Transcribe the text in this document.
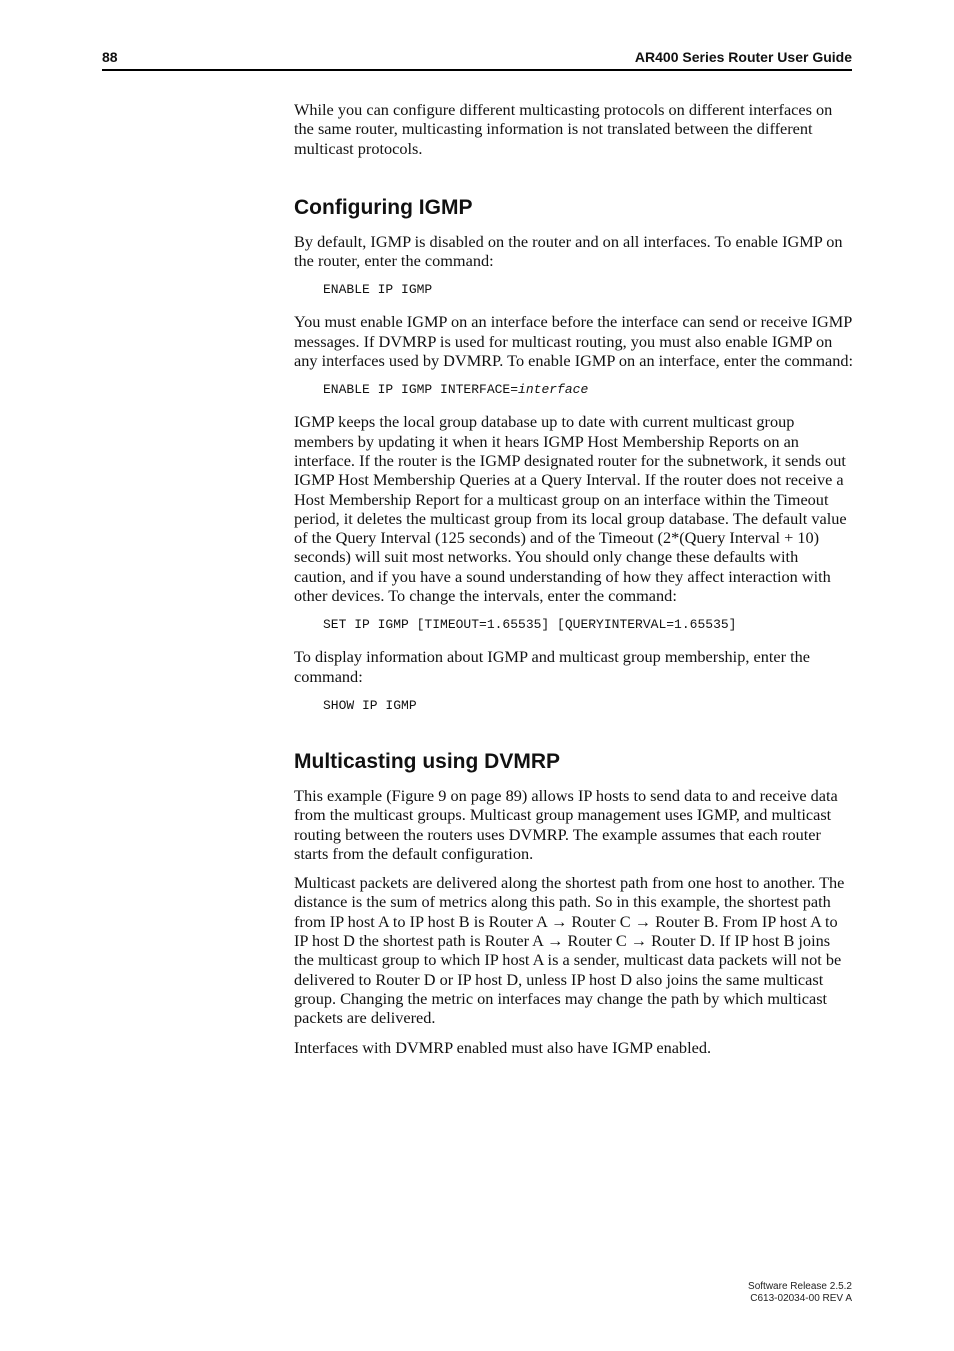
88	AR400 Series Router User Guide

While you can configure different multicasting protocols on different interfaces on the same router, multicasting information is not translated between the different multicast protocols.

Configuring IGMP

By default, IGMP is disabled on the router and on all interfaces. To enable IGMP on the router, enter the command:

ENABLE IP IGMP

You must enable IGMP on an interface before the interface can send or receive IGMP messages. If DVMRP is used for multicast routing, you must also enable IGMP on any interfaces used by DVMRP. To enable IGMP on an interface, enter the command:

ENABLE IP IGMP INTERFACE=interface

IGMP keeps the local group database up to date with current multicast group members by updating it when it hears IGMP Host Membership Reports on an interface. If the router is the IGMP designated router for the subnetwork, it sends out IGMP Host Membership Queries at a Query Interval. If the router does not receive a Host Membership Report for a multicast group on an interface within the Timeout period, it deletes the multicast group from its local group database. The default value of the Query Interval (125 seconds) and of the Timeout (2*(Query Interval + 10) seconds) will suit most networks. You should only change these defaults with caution, and if you have a sound understanding of how they affect interaction with other devices. To change the intervals, enter the command:

SET IP IGMP [TIMEOUT=1.65535] [QUERYINTERVAL=1.65535]

To display information about IGMP and multicast group membership, enter the command:

SHOW IP IGMP
Multicasting using DVMRP

This example (Figure 9 on page 89) allows IP hosts to send data to and receive data from the multicast groups. Multicast group management uses IGMP, and multicast routing between the routers uses DVMRP. The example assumes that each router starts from the default configuration.

Multicast packets are delivered along the shortest path from one host to another. The distance is the sum of metrics along this path. So in this example, the shortest path from IP host A to IP host B is Router A → Router C → Router B. From IP host A to IP host D the shortest path is Router A → Router C → Router D. If IP host B joins the multicast group to which IP host A is a sender, multicast data packets will not be delivered to Router D or IP host D, unless IP host D also joins the same multicast group. Changing the metric on interfaces may change the path by which multicast packets are delivered.

Interfaces with DVMRP enabled must also have IGMP enabled.

Software Release 2.5.2
C613-02034-00 REV A
